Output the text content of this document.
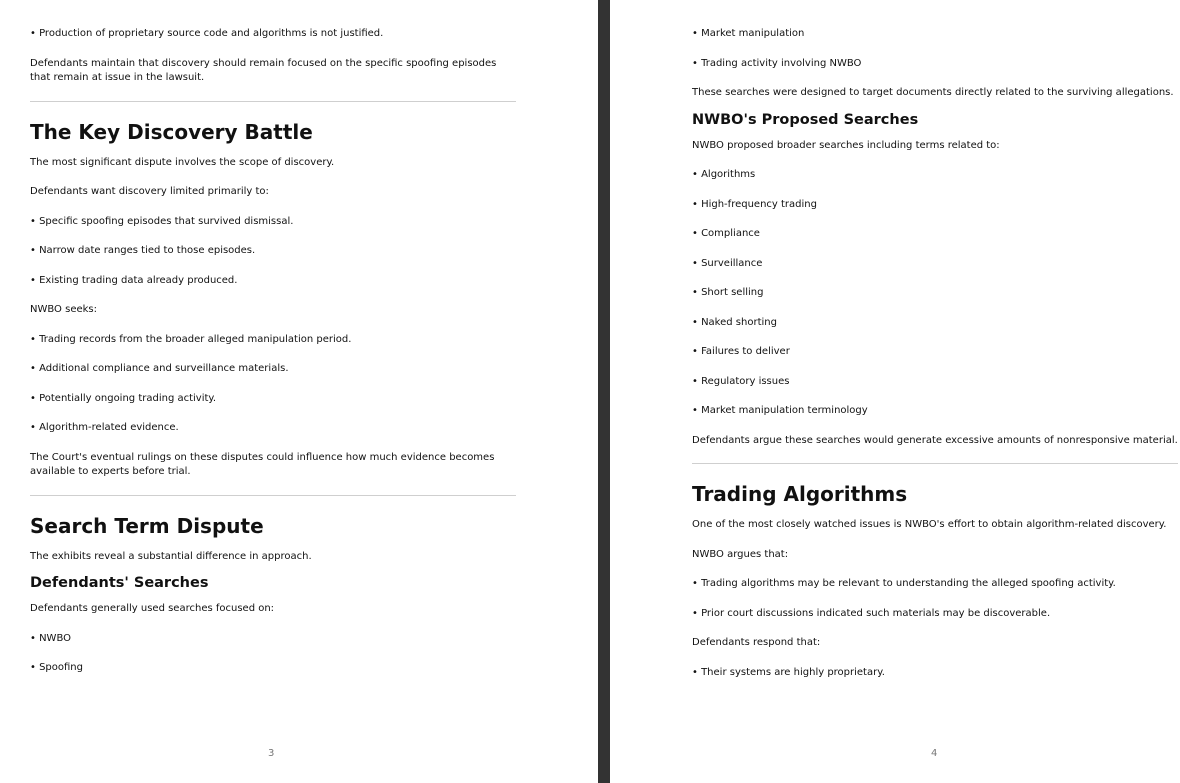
• Production of proprietary source code and algorithms is not justified.

Defendants maintain that discovery should remain focused on the specific spoofing episodes that remain at issue in the lawsuit.

The Key Discovery Battle

The most significant dispute involves the scope of discovery.

Defendants want discovery limited primarily to:

• Specific spoofing episodes that survived dismissal.

• Narrow date ranges tied to those episodes.

• Existing trading data already produced.

NWBO seeks:

• Trading records from the broader alleged manipulation period.

• Additional compliance and surveillance materials.

• Potentially ongoing trading activity.

• Algorithm-related evidence.

The Court's eventual rulings on these disputes could influence how much evidence becomes available to experts before trial.

Search Term Dispute

The exhibits reveal a substantial difference in approach.

Defendants' Searches

Defendants generally used searches focused on:

• NWBO

• Spoofing

3

• Market manipulation

• Trading activity involving NWBO

These searches were designed to target documents directly related to the surviving allegations.

NWBO's Proposed Searches

NWBO proposed broader searches including terms related to:

• Algorithms

• High-frequency trading

• Compliance

• Surveillance

• Short selling

• Naked shorting

• Failures to deliver

• Regulatory issues

• Market manipulation terminology

Defendants argue these searches would generate excessive amounts of nonresponsive material.

Trading Algorithms

One of the most closely watched issues is NWBO's effort to obtain algorithm-related discovery.

NWBO argues that:

• Trading algorithms may be relevant to understanding the alleged spoofing activity.

• Prior court discussions indicated such materials may be discoverable.

Defendants respond that:

• Their systems are highly proprietary.

4
